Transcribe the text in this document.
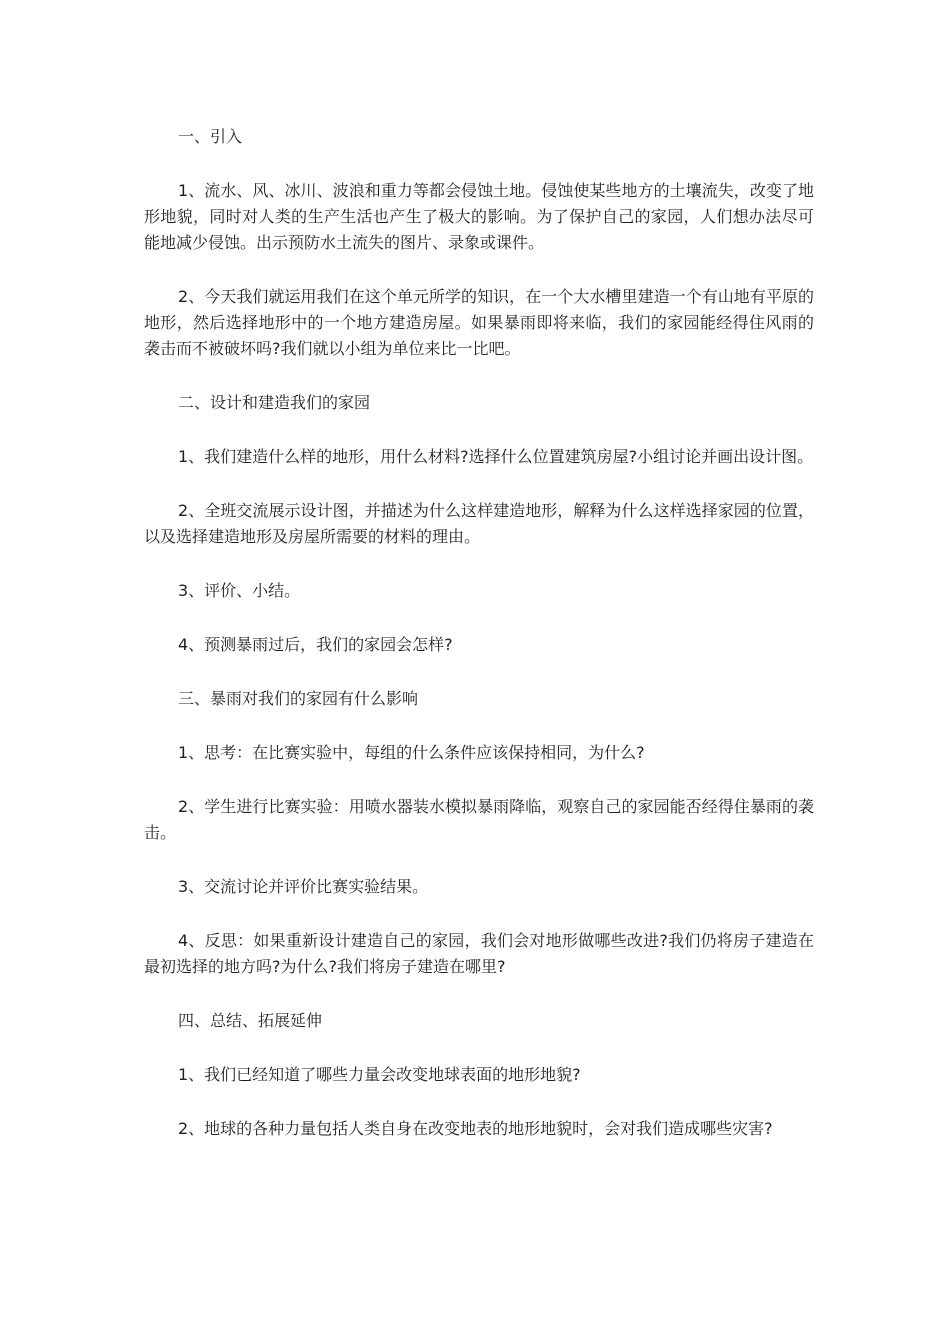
一、引入

1、流水、风、冰川、波浪和重力等都会侵蚀土地。侵蚀使某些地方的土壤流失，改变了地形地貌，同时对人类的生产生活也产生了极大的影响。为了保护自己的家园，人们想办法尽可能地减少侵蚀。出示预防水土流失的图片、录象或课件。

2、今天我们就运用我们在这个单元所学的知识，在一个大水槽里建造一个有山地有平原的地形，然后选择地形中的一个地方建造房屋。如果暴雨即将来临，我们的家园能经得住风雨的袭击而不被破坏吗?我们就以小组为单位来比一比吧。

二、设计和建造我们的家园

1、我们建造什么样的地形，用什么材料?选择什么位置建筑房屋?小组讨论并画出设计图。

2、全班交流展示设计图，并描述为什么这样建造地形，解释为什么这样选择家园的位置，以及选择建造地形及房屋所需要的材料的理由。

3、评价、小结。

4、预测暴雨过后，我们的家园会怎样?

三、暴雨对我们的家园有什么影响

1、思考：在比赛实验中，每组的什么条件应该保持相同，为什么?

2、学生进行比赛实验：用喷水器装水模拟暴雨降临，观察自己的家园能否经得住暴雨的袭击。

3、交流讨论并评价比赛实验结果。

4、反思：如果重新设计建造自己的家园，我们会对地形做哪些改进?我们仍将房子建造在最初选择的地方吗?为什么?我们将房子建造在哪里?

四、总结、拓展延伸

1、我们已经知道了哪些力量会改变地球表面的地形地貌?

2、地球的各种力量包括人类自身在改变地表的地形地貌时，会对我们造成哪些灾害?
